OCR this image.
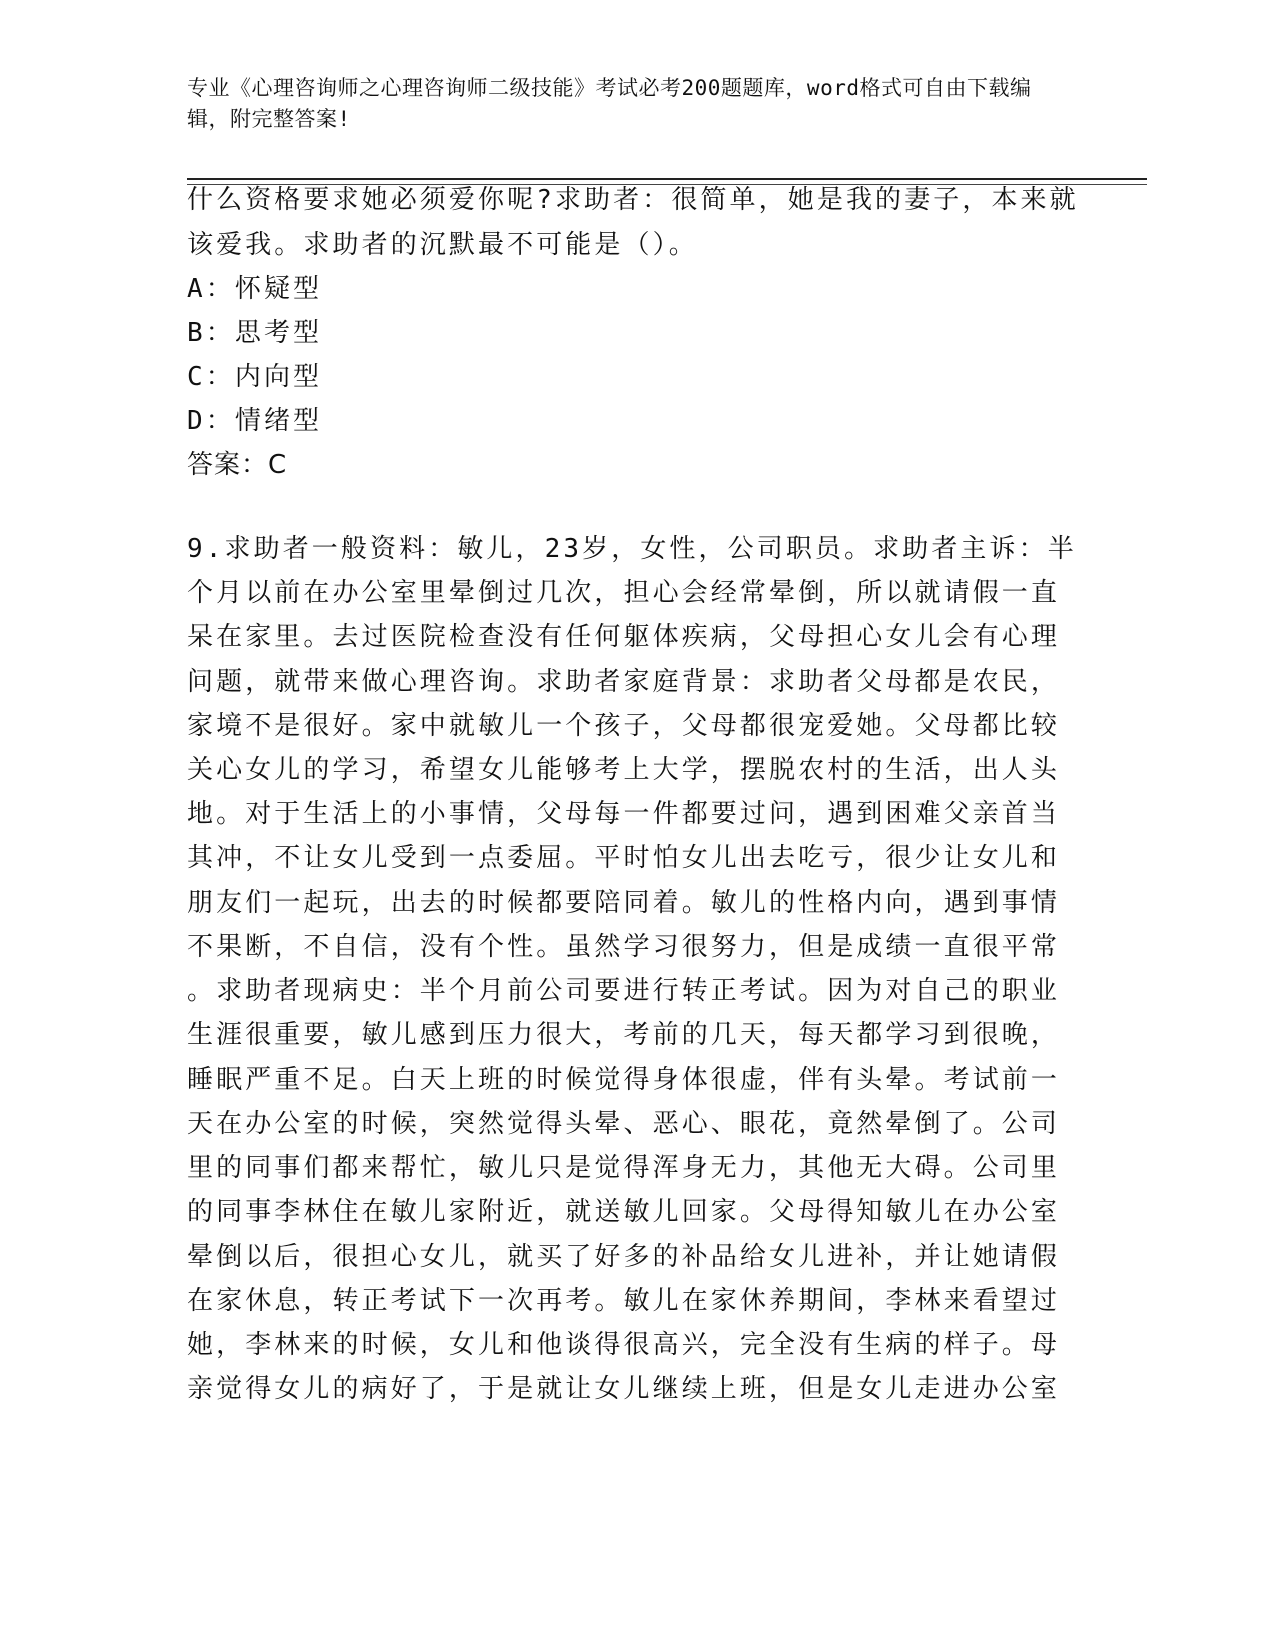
专业《心理咨询师之心理咨询师二级技能》考试必考200题题库，word格式可自由下载编辑，附完整答案!
什么资格要求她必须爱你呢?求助者：很简单，她是我的妻子，本来就
该爱我。求助者的沉默最不可能是（）。
A：怀疑型
B：思考型
C：内向型
D：情绪型
答案：C
9.求助者一般资料：敏儿，23岁，女性，公司职员。求助者主诉：半
个月以前在办公室里晕倒过几次，担心会经常晕倒，所以就请假一直
呆在家里。去过医院检查没有任何躯体疾病，父母担心女儿会有心理
问题，就带来做心理咨询。求助者家庭背景：求助者父母都是农民，
家境不是很好。家中就敏儿一个孩子，父母都很宠爱她。父母都比较
关心女儿的学习，希望女儿能够考上大学，摆脱农村的生活，出人头
地。对于生活上的小事情，父母每一件都要过问，遇到困难父亲首当
其冲，不让女儿受到一点委屈。平时怕女儿出去吃亏，很少让女儿和
朋友们一起玩，出去的时候都要陪同着。敏儿的性格内向，遇到事情
不果断，不自信，没有个性。虽然学习很努力，但是成绩一直很平常
。求助者现病史：半个月前公司要进行转正考试。因为对自己的职业
生涯很重要，敏儿感到压力很大，考前的几天，每天都学习到很晚，
睡眠严重不足。白天上班的时候觉得身体很虚，伴有头晕。考试前一
天在办公室的时候，突然觉得头晕、恶心、眼花，竟然晕倒了。公司
里的同事们都来帮忙，敏儿只是觉得浑身无力，其他无大碍。公司里
的同事李林住在敏儿家附近，就送敏儿回家。父母得知敏儿在办公室
晕倒以后，很担心女儿，就买了好多的补品给女儿进补，并让她请假
在家休息，转正考试下一次再考。敏儿在家休养期间，李林来看望过
她，李林来的时候，女儿和他谈得很高兴，完全没有生病的样子。母
亲觉得女儿的病好了，于是就让女儿继续上班，但是女儿走进办公室
